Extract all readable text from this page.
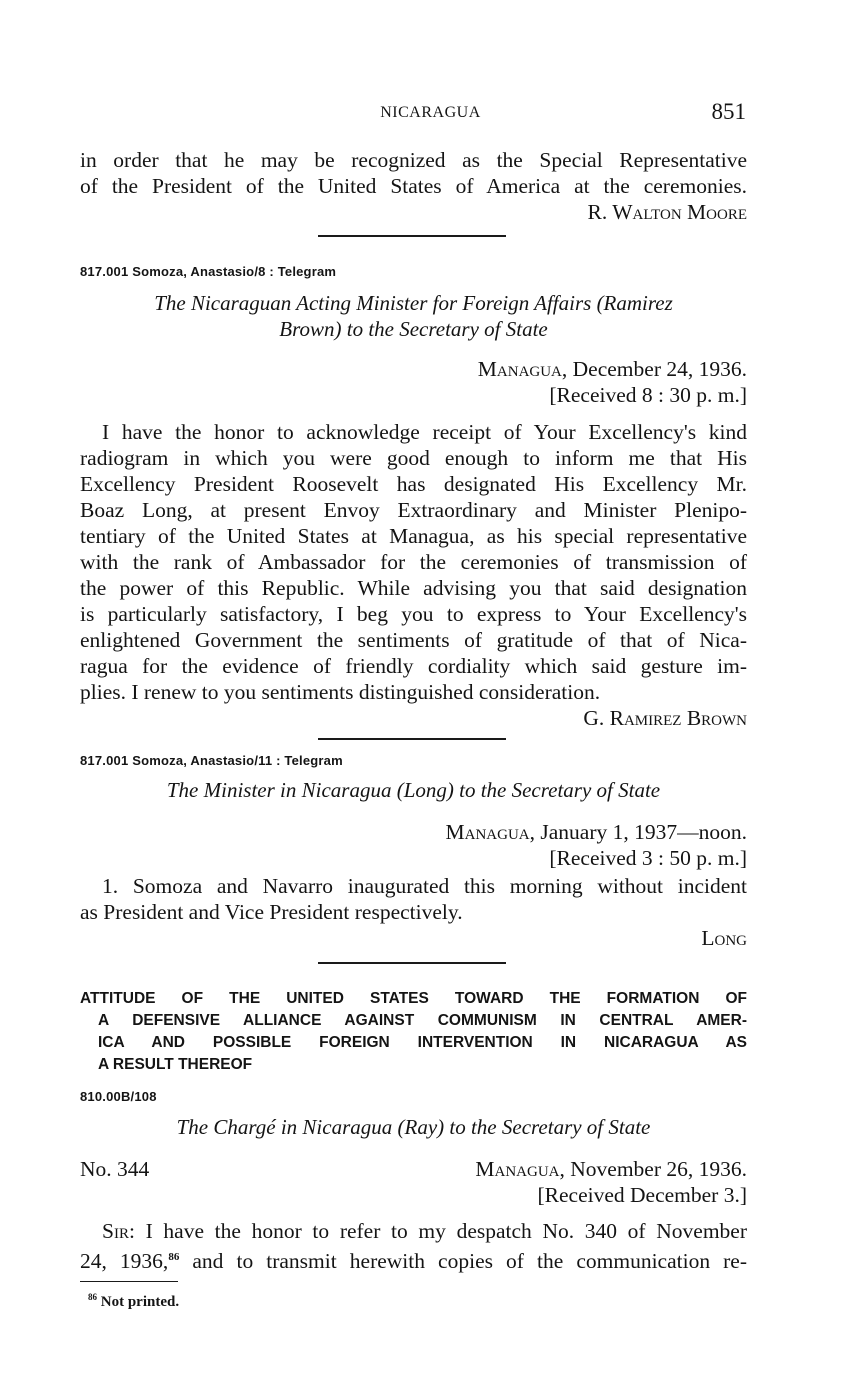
NICARAGUA	851
in order that he may be recognized as the Special Representative
of the President of the United States of America at the ceremonies.
R. Walton Moore
817.001 Somoza, Anastasio/8 : Telegram
The Nicaraguan Acting Minister for Foreign Affairs (Ramirez
Brown) to the Secretary of State
Managua, December 24, 1936.
[Received 8 : 30 p. m.]
I have the honor to acknowledge receipt of Your Excellency's kind
radiogram in which you were good enough to inform me that His
Excellency President Roosevelt has designated His Excellency Mr.
Boaz Long, at present Envoy Extraordinary and Minister Plenipo-
tentiary of the United States at Managua, as his special representative
with the rank of Ambassador for the ceremonies of transmission of
the power of this Republic. While advising you that said designation
is particularly satisfactory, I beg you to express to Your Excellency's
enlightened Government the sentiments of gratitude of that of Nica-
ragua for the evidence of friendly cordiality which said gesture im-
plies. I renew to you sentiments distinguished consideration.
G. Ramirez Brown
817.001 Somoza, Anastasio/11 : Telegram
The Minister in Nicaragua (Long) to the Secretary of State
Managua, January 1, 1937—noon.
[Received 3 : 50 p. m.]
1. Somoza and Navarro inaugurated this morning without incident
as President and Vice President respectively.
Long
ATTITUDE OF THE UNITED STATES TOWARD THE FORMATION OF
A DEFENSIVE ALLIANCE AGAINST COMMUNISM IN CENTRAL AMER-
ICA AND POSSIBLE FOREIGN INTERVENTION IN NICARAGUA AS
A RESULT THEREOF
810.00B/108
The Chargé in Nicaragua (Ray) to the Secretary of State
No. 344	Managua, November 26, 1936.
[Received December 3.]
Sir: I have the honor to refer to my despatch No. 340 of November
24, 1936,86 and to transmit herewith copies of the communication re-
$^{86}$ Not printed.
